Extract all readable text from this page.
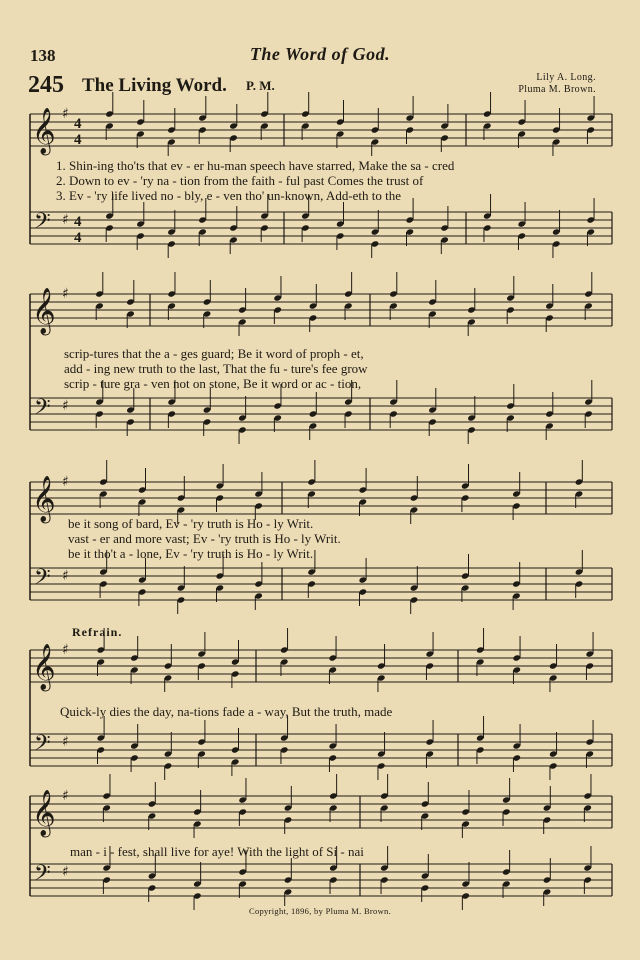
138	The Word of God.
245 The Living Word. P. M.
Lily A. Long.
Pluma M. Brown.
𝄞
𝄢
♯
♯
4
4
4
4
𝄞
𝄢
♯
♯
𝄞
𝄢
♯
♯
𝄞
𝄢
♯
♯
𝄞
𝄢
♯
♯
1. Shin-ing tho'ts that ev - er hu-man speech have starred, Make the sa - cred
2. Down to ev - 'ry na - tion from the faith - ful past Comes the trust of
3. Ev - 'ry life lived no - bly, e - ven tho' un-known, Add-eth to the
scrip-tures that the a - ges guard; Be it word of proph - et,
add - ing new truth to the last, That the fu - ture's fee grow
scrip - ture gra - ven not on stone, Be it word or ac - tion,
be it song of bard, Ev - 'ry truth is Ho - ly Writ.
vast - er and more vast; Ev - 'ry truth is Ho - ly Writ.
be it tho't a - lone, Ev - 'ry truth is Ho - ly Writ.
Refrain.
Quick-ly dies the day, na-tions fade a - way, But the truth, made
man - i - fest, shall live for aye! With the light of Si - nai
Copyright, 1896, by Pluma M. Brown.
